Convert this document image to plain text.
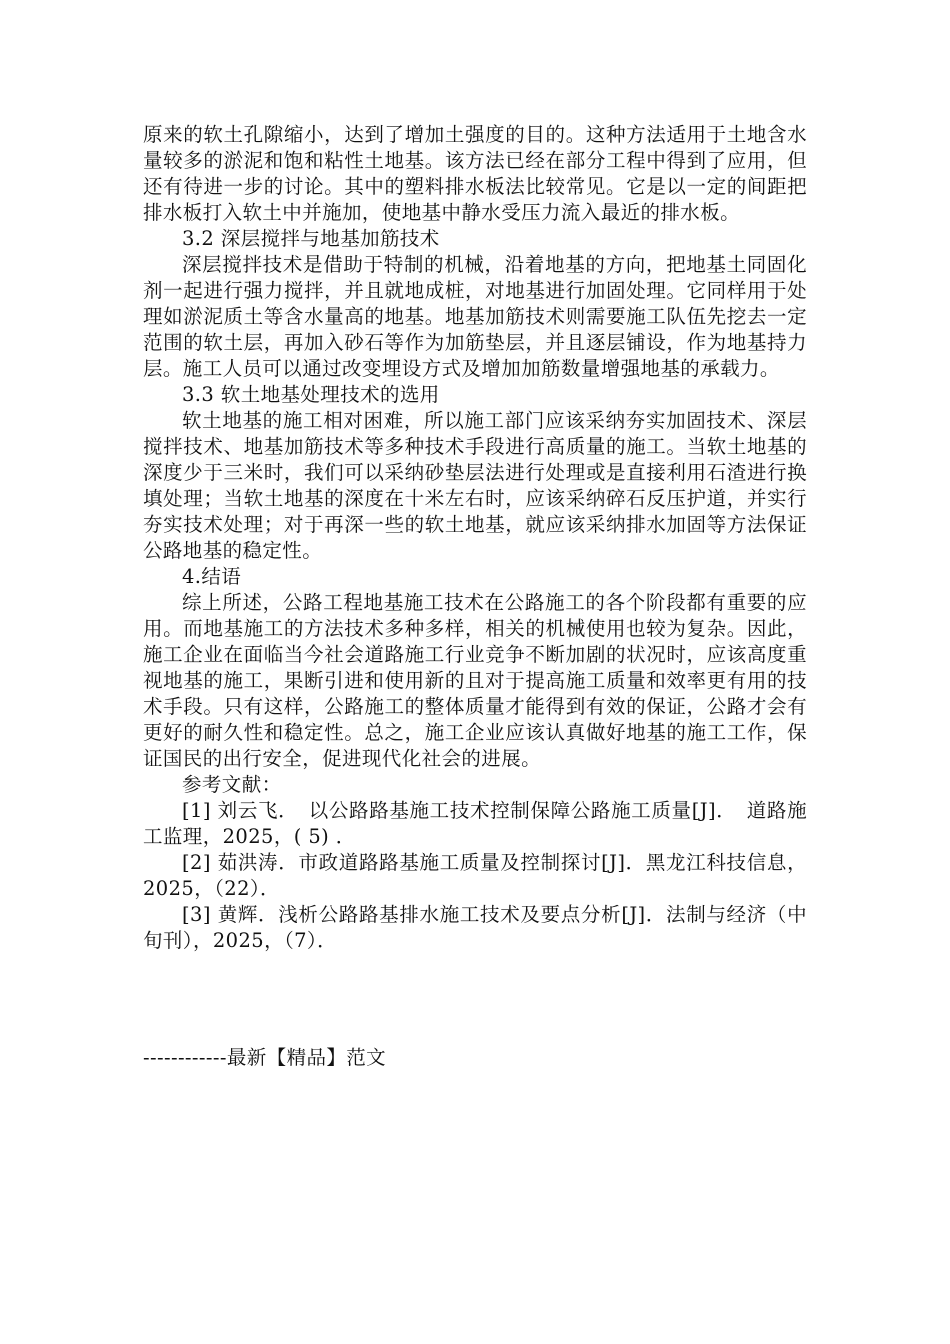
原来的软土孔隙缩小，达到了增加土强度的目的。这种方法适用于土地含水量较多的淤泥和饱和粘性土地基。该方法已经在部分工程中得到了应用，但还有待进一步的讨论。其中的塑料排水板法比较常见。它是以一定的间距把排水板打入软土中并施加，使地基中静水受压力流入最近的排水板。

3.2 深层搅拌与地基加筋技术

深层搅拌技术是借助于特制的机械，沿着地基的方向，把地基土同固化剂一起进行强力搅拌，并且就地成桩，对地基进行加固处理。它同样用于处理如淤泥质土等含水量高的地基。地基加筋技术则需要施工队伍先挖去一定范围的软土层，再加入砂石等作为加筋垫层，并且逐层铺设，作为地基持力层。施工人员可以通过改变埋设方式及增加加筋数量增强地基的承载力。

3.3 软土地基处理技术的选用

软土地基的施工相对困难，所以施工部门应该采纳夯实加固技术、深层搅拌技术、地基加筋技术等多种技术手段进行高质量的施工。当软土地基的深度少于三米时，我们可以采纳砂垫层法进行处理或是直接利用石渣进行换填处理；当软土地基的深度在十米左右时，应该采纳碎石反压护道，并实行夯实技术处理；对于再深一些的软土地基，就应该采纳排水加固等方法保证公路地基的稳定性。

4.结语

综上所述，公路工程地基施工技术在公路施工的各个阶段都有重要的应用。而地基施工的方法技术多种多样，相关的机械使用也较为复杂。因此，施工企业在面临当今社会道路施工行业竞争不断加剧的状况时，应该高度重视地基的施工，果断引进和使用新的且对于提高施工质量和效率更有用的技术手段。只有这样，公路施工的整体质量才能得到有效的保证，公路才会有更好的耐久性和稳定性。总之，施工企业应该认真做好地基的施工工作，保证国民的出行安全，促进现代化社会的进展。

参考文献：

[1] 刘云飞．　以公路路基施工技术控制保障公路施工质量[J]．　道路施工监理，2025，( 5) ．

[2] 茹洪涛．市政道路路基施工质量及控制探讨[J]．黑龙江科技信息，2025，（22）．

[3] 黄辉．浅析公路路基排水施工技术及要点分析[J]．法制与经济（中旬刊），2025，（7）．

------------最新【精品】范文
